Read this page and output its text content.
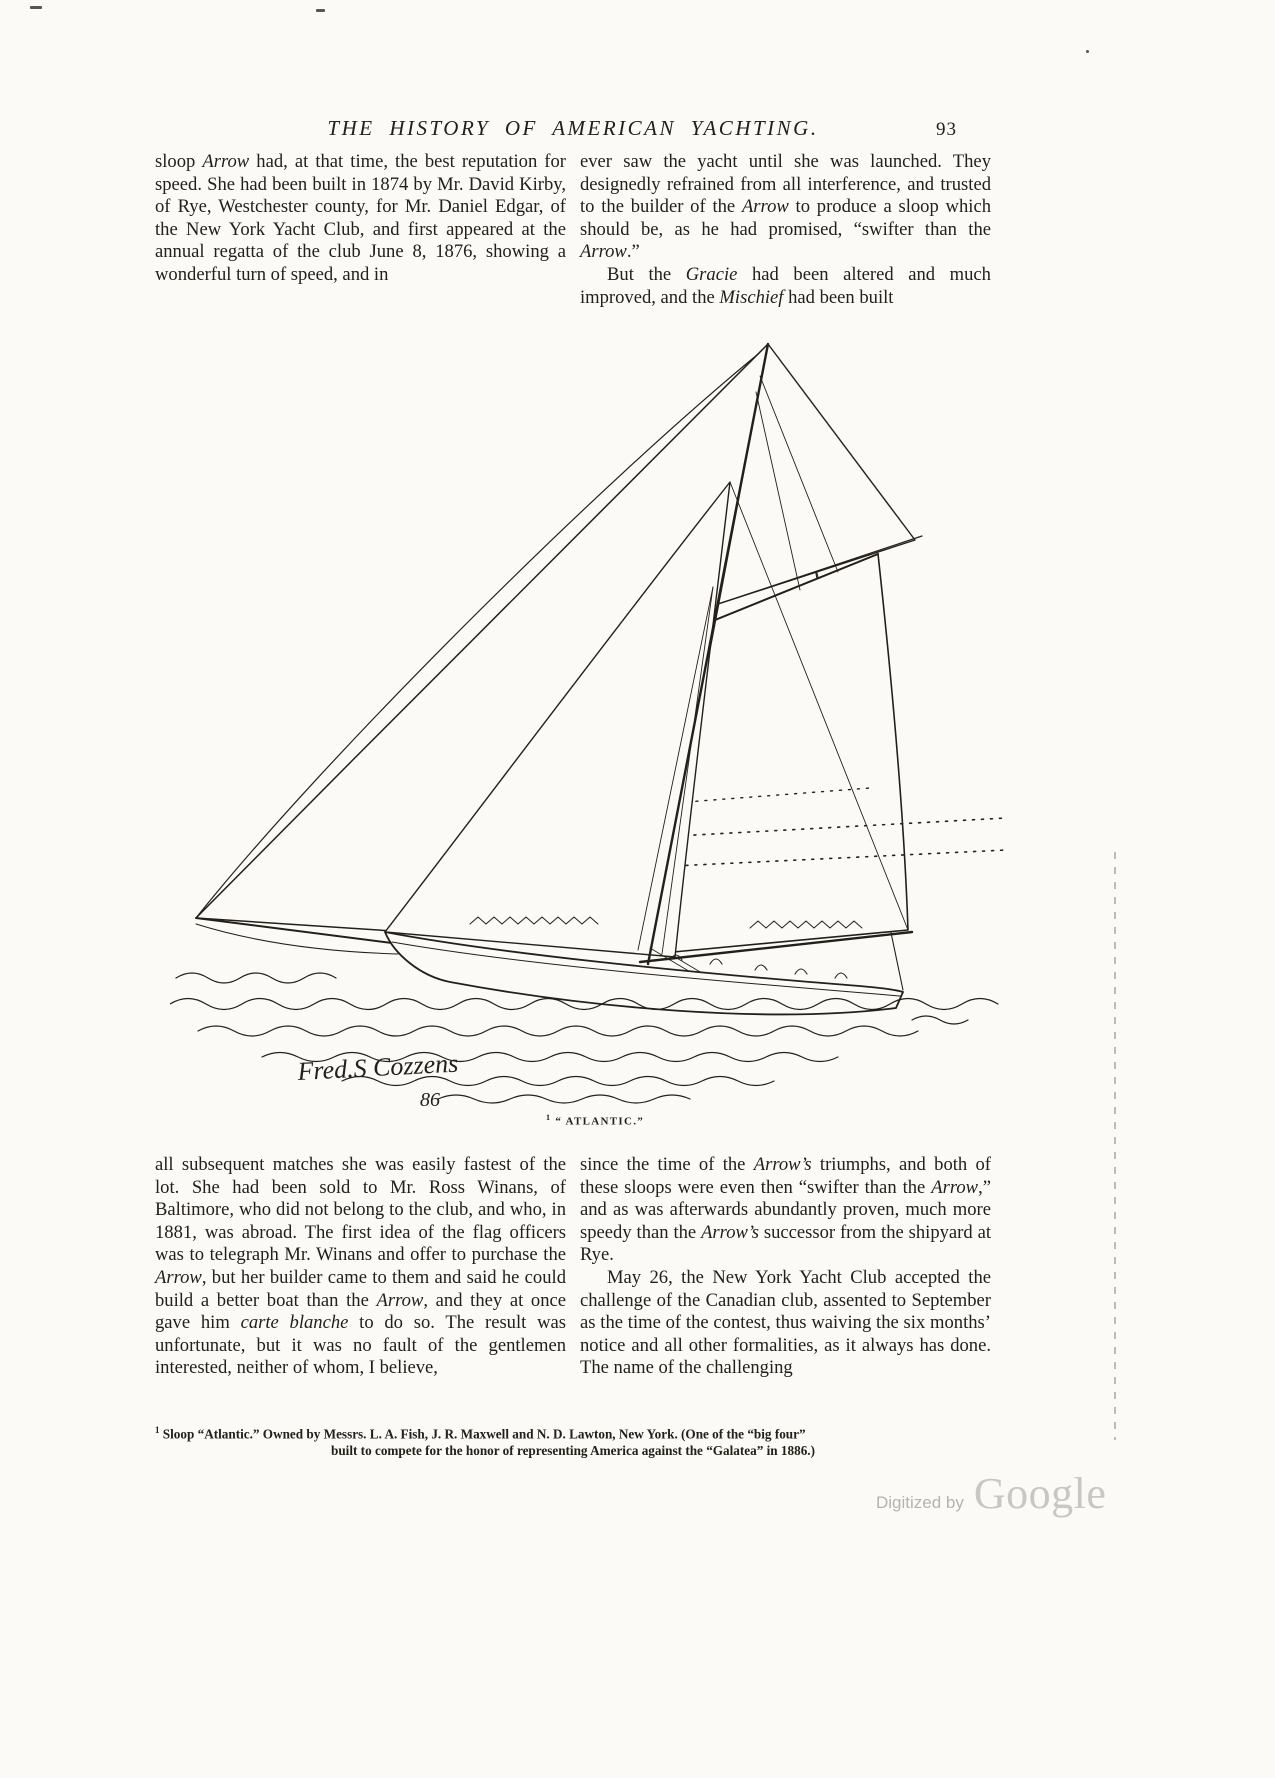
THE HISTORY OF AMERICAN YACHTING.	93

sloop Arrow had, at that time, the best reputation for speed. She had been built in 1874 by Mr. David Kirby, of Rye, Westchester county, for Mr. Daniel Edgar, of the New York Yacht Club, and first appeared at the annual regatta of the club June 8, 1876, showing a wonderful turn of speed, and in

ever saw the yacht until she was launched. They designedly refrained from all interference, and trusted to the builder of the Arrow to produce a sloop which should be, as he had promised, “swifter than the Arrow.”

But the Gracie had been altered and much improved, and the Mischief had been built

Fred.S Cozzens
86
$^1$ “ ATLANTIC.”

all subsequent matches she was easily fastest of the lot. She had been sold to Mr. Ross Winans, of Baltimore, who did not belong to the club, and who, in 1881, was abroad. The first idea of the flag officers was to telegraph Mr. Winans and offer to purchase the Arrow, but her builder came to them and said he could build a better boat than the Arrow, and they at once gave him carte blanche to do so. The result was unfortunate, but it was no fault of the gentlemen interested, neither of whom, I believe,

since the time of the Arrow’s triumphs, and both of these sloops were even then “swifter than the Arrow,” and as was afterwards abundantly proven, much more speedy than the Arrow’s successor from the shipyard at Rye.

May 26, the New York Yacht Club accepted the challenge of the Canadian club, assented to September as the time of the contest, thus waiving the six months’ notice and all other formalities, as it always has done. The name of the challenging

$^1$ Sloop “Atlantic.” Owned by Messrs. L. A. Fish, J. R. Maxwell and N. D. Lawton, New York. (One of the “big four”
built to compete for the honor of representing America against the “Galatea” in 1886.)
Digitized by Google
